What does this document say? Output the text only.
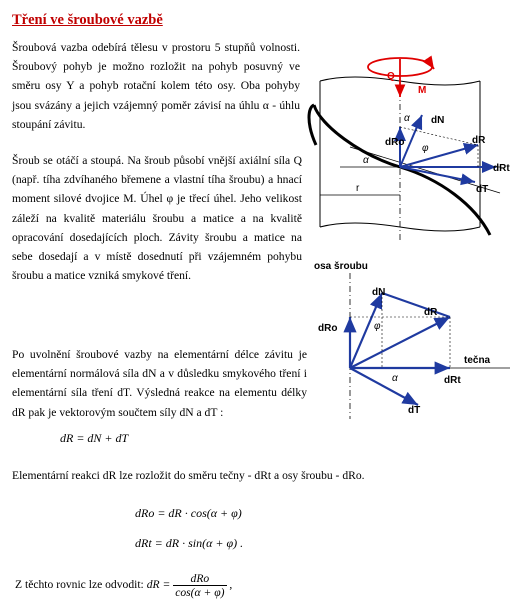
Tření ve šroubové vazbě
Šroubová vazba odebírá tělesu v prostoru 5 stupňů volnosti. Šroubový pohyb je možno rozložit na pohyb posuvný ve směru osy Y a pohyb rotační kolem této osy. Oba pohyby jsou svázány a jejich vzájemný poměr závisí na úhlu α - úhlu stoupání závitu.
Šroub se otáčí a stoupá. Na šroub působí vnější axiální síla Q (např. tíha zdvíhaného břemene a vlastní tíha šroubu) a hnací moment silové dvojice M. Úhel φ je třecí úhel. Jeho velikost záleží na kvalitě materiálu šroubu a matice a na kvalitě opracování dosedajících ploch. Závity šroubu a matice na sebe dosedají a v místě dosednutí při vzájemném pohybu šroubu a matice vzniká smykové tření.
Po uvolnění šroubové vazby na elementární délce závitu je elementární normálová síla dN a v důsledku smykového tření i elementární síla tření dT. Výsledná reakce na elementu délky dR pak je vektorovým součtem síly dN a dT :
dR = dN + dT
Elementární reakci dR lze rozložit do směru tečny - dRt a osy šroubu - dRo.
dRo = dR · cos(α + φ)
dRt = dR · sin(α + φ) .
Z těchto rovnic lze odvodit: dR = $\frac{\text{dRo}}{\cos(\alpha + \varphi)}$ ,
r
α
M
Q
dN
α
dRo
φ
dR
dRt
dT
osa šroubu
tečna
dN
dRo	φ
dR
α	dRt
dT
